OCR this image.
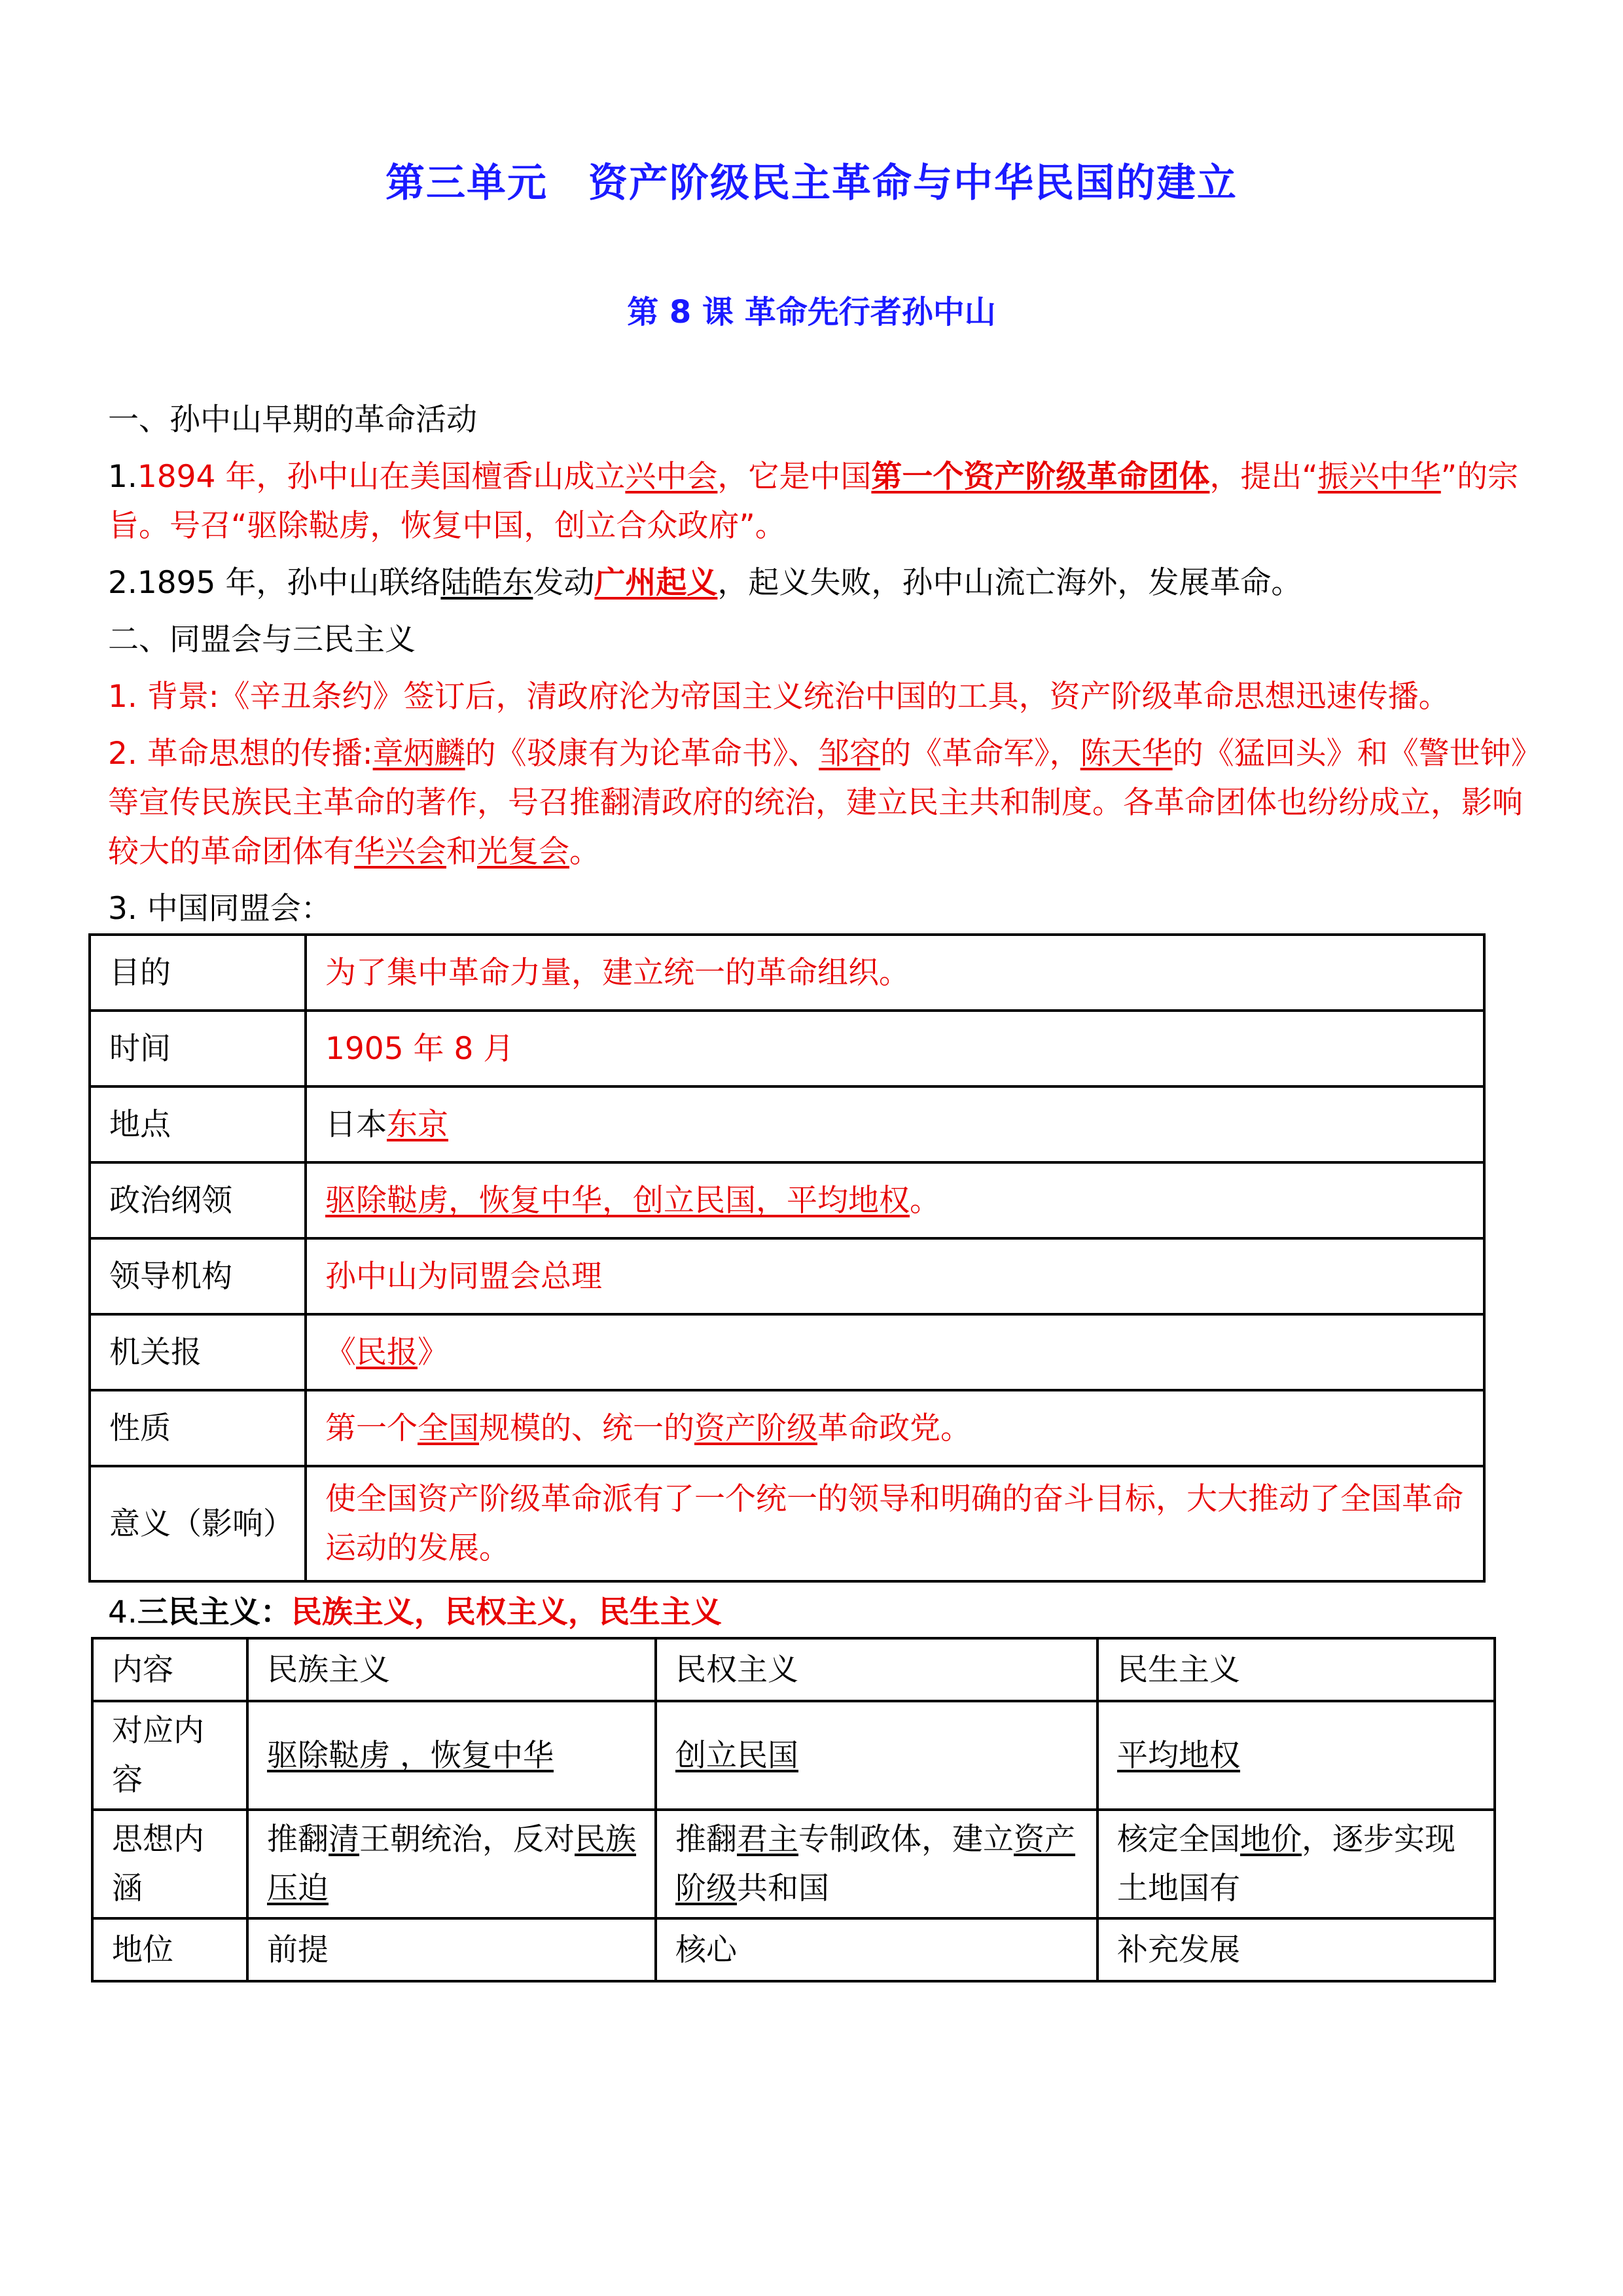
第三单元　资产阶级民主革命与中华民国的建立
第 8 课 革命先行者孙中山
一、孙中山早期的革命活动
1.1894 年，孙中山在美国檀香山成立兴中会，它是中国第一个资产阶级革命团体，提出“振兴中华”的宗旨。号召“驱除鞑虏，恢复中国，创立合众政府”。
2.1895 年，孙中山联络陆皓东发动广州起义，起义失败，孙中山流亡海外，发展革命。
二、同盟会与三民主义
1. 背景:《辛丑条约》签订后，清政府沦为帝国主义统治中国的工具，资产阶级革命思想迅速传播。
2. 革命思想的传播:章炳麟的《驳康有为论革命书》、邹容的《革命军》，陈天华的《猛回头》和《警世钟》等宣传民族民主革命的著作，号召推翻清政府的统治，建立民主共和制度。各革命团体也纷纷成立，影响较大的革命团体有华兴会和光复会。
3. 中国同盟会：
目的	为了集中革命力量，建立统一的革命组织。
时间	1905 年 8 月
地点	日本东京
政治纲领	驱除鞑虏，恢复中华，创立民国，平均地权。
领导机构	孙中山为同盟会总理
机关报	《民报》
性质	第一个全国规模的、统一的资产阶级革命政党。
意义（影响）	使全国资产阶级革命派有了一个统一的领导和明确的奋斗目标，大大推动了全国革命运动的发展。
4.三民主义：民族主义，民权主义，民生主义
内容	民族主义	民权主义	民生主义
对应内容	驱除鞑虏 ，恢复中华	创立民国	平均地权
思想内涵	推翻清王朝统治，反对民族压迫	推翻君主专制政体，建立资产阶级共和国	核定全国地价，逐步实现土地国有
地位	前提	核心	补充发展
